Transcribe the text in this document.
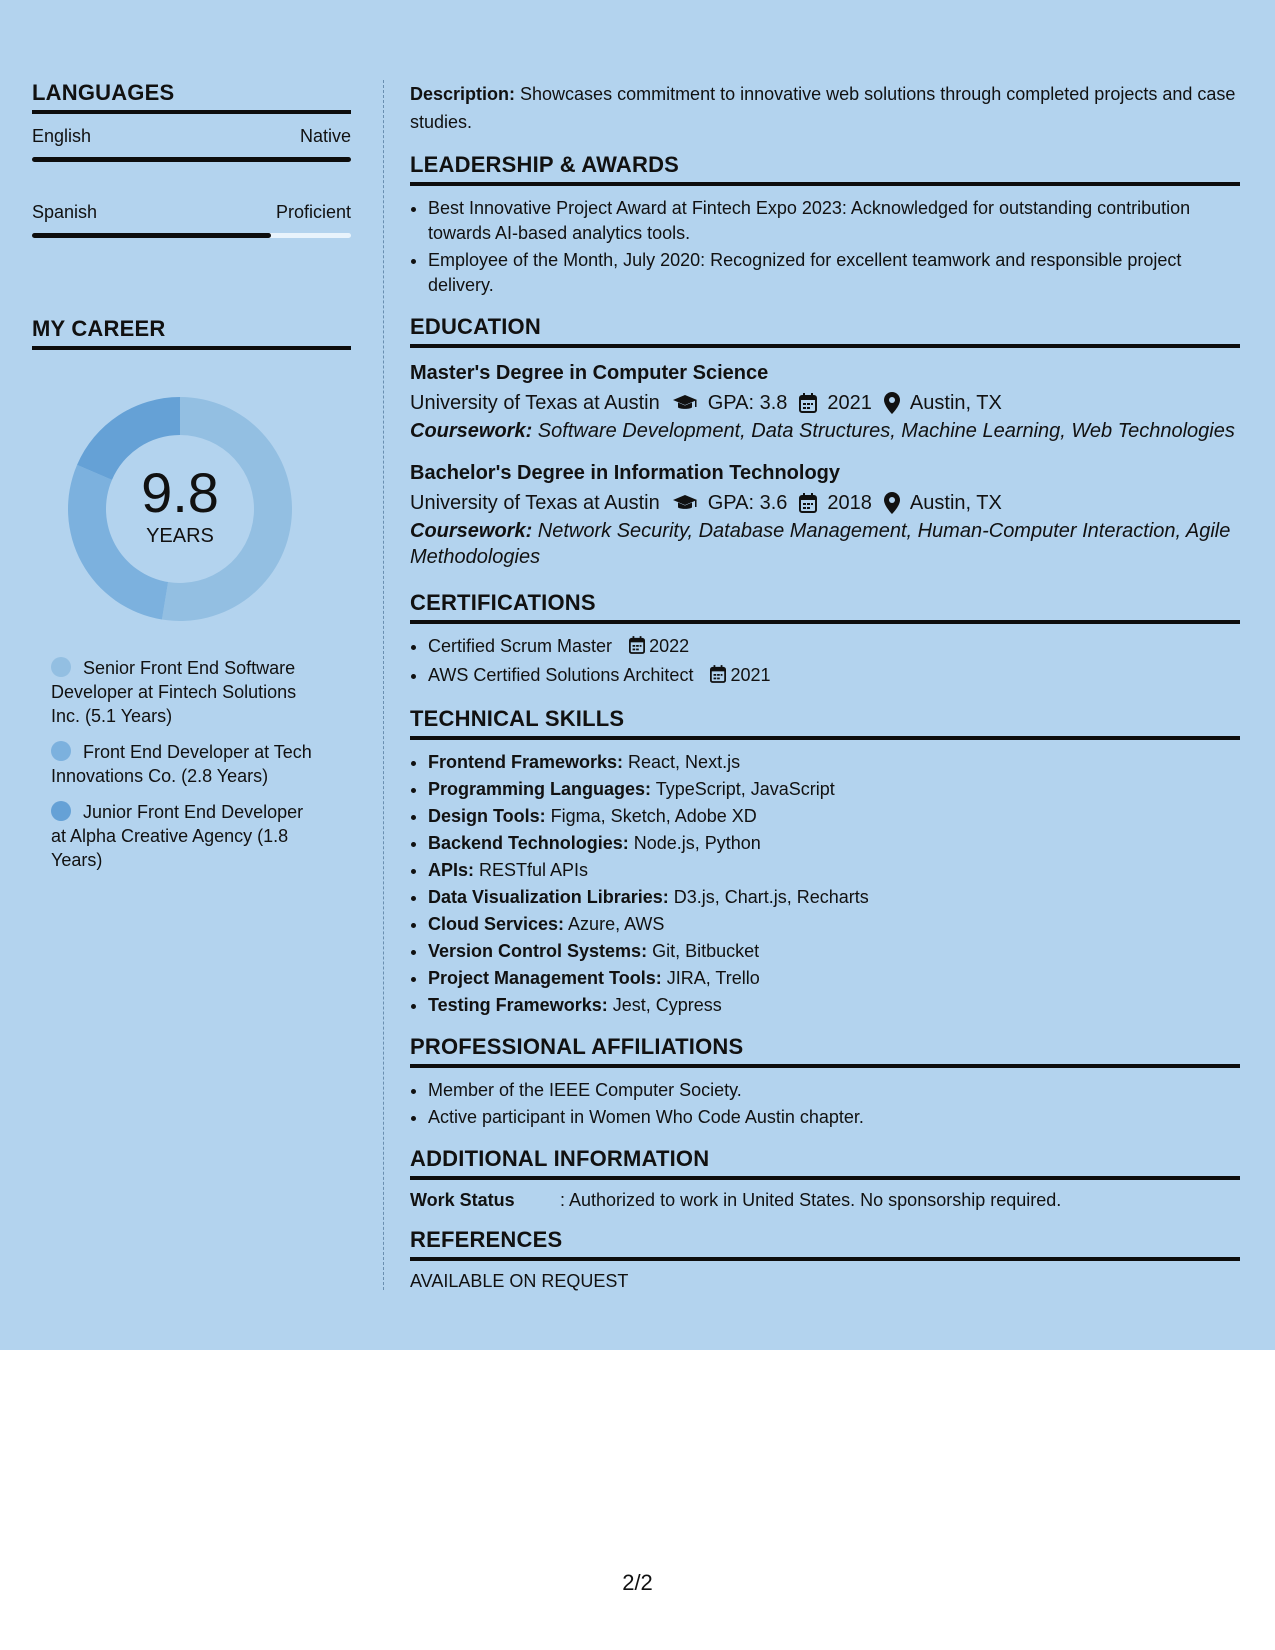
LANGUAGES
English	Native
Spanish	Proficient
MY CAREER
9.8
YEARS
Senior Front End Software Developer at Fintech Solutions Inc. (5.1 Years)
Front End Developer at Tech Innovations Co. (2.8 Years)
Junior Front End Developer at Alpha Creative Agency (1.8 Years)
Description: Showcases commitment to innovative web solutions through completed projects and case studies.
LEADERSHIP & AWARDS
• Best Innovative Project Award at Fintech Expo 2023: Acknowledged for outstanding contribution towards AI-based analytics tools.
• Employee of the Month, July 2020: Recognized for excellent teamwork and responsible project delivery.
EDUCATION
Master's Degree in Computer Science
University of Texas at Austin GPA: 3.8 2021 Austin, TX
Coursework: Software Development, Data Structures, Machine Learning, Web Technologies
Bachelor's Degree in Information Technology
University of Texas at Austin GPA: 3.6 2018 Austin, TX
Coursework: Network Security, Database Management, Human-Computer Interaction, Agile Methodologies
CERTIFICATIONS
• Certified Scrum Master 2022
• AWS Certified Solutions Architect 2021
TECHNICAL SKILLS
• Frontend Frameworks: React, Next.js
• Programming Languages: TypeScript, JavaScript
• Design Tools: Figma, Sketch, Adobe XD
• Backend Technologies: Node.js, Python
• APIs: RESTful APIs
• Data Visualization Libraries: D3.js, Chart.js, Recharts
• Cloud Services: Azure, AWS
• Version Control Systems: Git, Bitbucket
• Project Management Tools: JIRA, Trello
• Testing Frameworks: Jest, Cypress
PROFESSIONAL AFFILIATIONS
• Member of the IEEE Computer Society.
• Active participant in Women Who Code Austin chapter.
ADDITIONAL INFORMATION
Work Status	: Authorized to work in United States. No sponsorship required.
REFERENCES
AVAILABLE ON REQUEST
2/2
